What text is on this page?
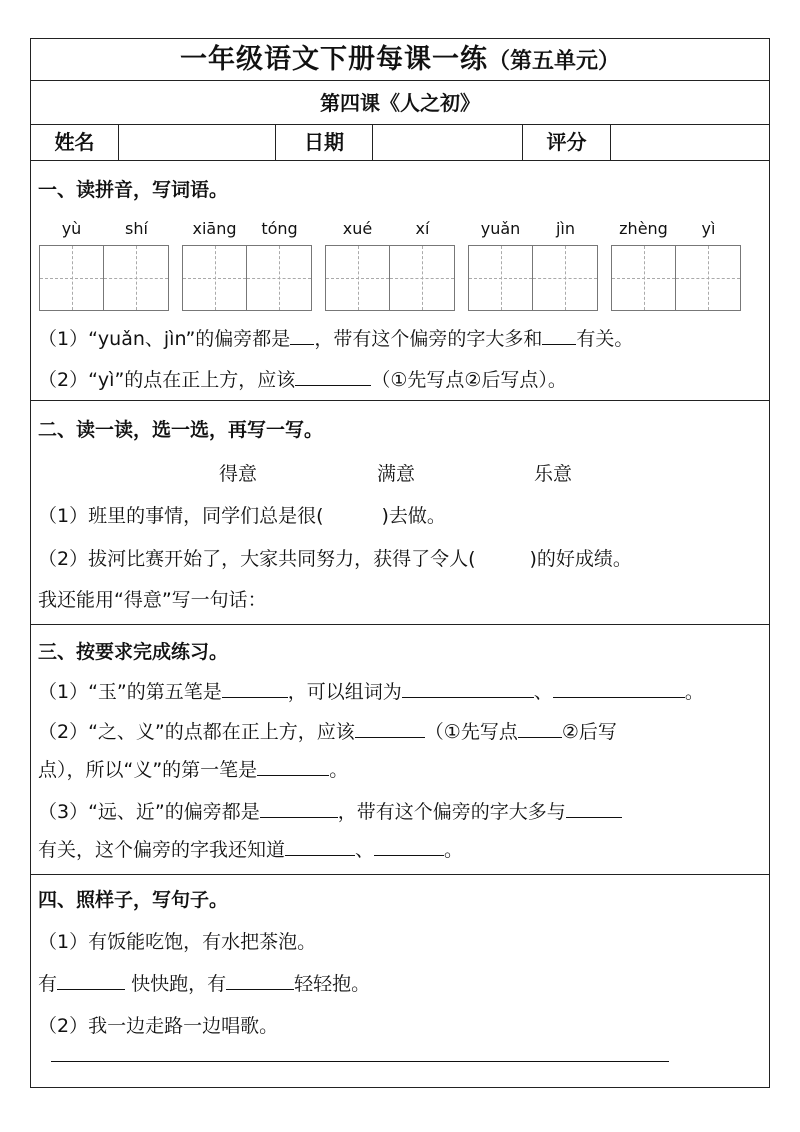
一年级语文下册每课一练（第五单元）
第四课《人之初》
姓名	日期	评分
一、读拼音，写词语。
yù	shí	xiāng	tóng	xué	xí	yuǎn	jìn	zhèng	yì
（1）“yuǎn、jìn”的偏旁都是 ，带有这个偏旁的字大多和 有关。
（2）“yì”的点在正上方，应该	（①先写点②后写点）。
二、读一读，选一选，再写一写。
得意	满意	乐意
（1）班里的事情，同学们总是很(	)去做。
（2）拔河比赛开始了，大家共同努力，获得了令人(	)的好成绩。
我还能用“得意”写一句话：
三、按要求完成练习。
（1）“玉”的第五笔是	，可以组词为	、	。
（2）“之、义”的点都在正上方，应该	（①先写点 ②后写
点），所以“义”的第一笔是	。
（3）“远、近”的偏旁都是	，带有这个偏旁的字大多与
有关，这个偏旁的字我还知道	、	。
四、照样子，写句子。
（1）有饭能吃饱，有水把茶泡。
有	快快跑，有	轻轻抱。
（2）我一边走路一边唱歌。
